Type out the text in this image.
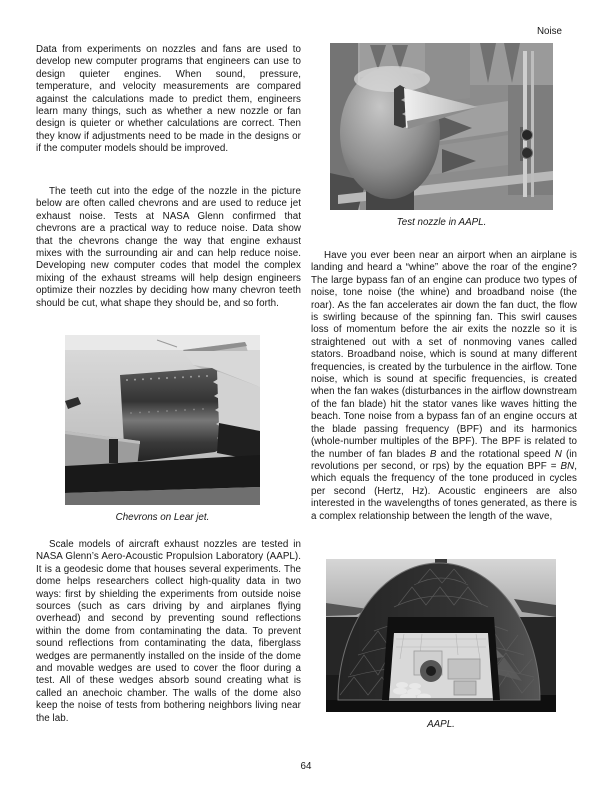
Noise

Data from experiments on nozzles and fans are used to develop new computer programs that engineers can use to design quieter engines. When sound, pressure, temperature, and velocity measurements are compared against the calculations made to predict them, engineers learn many things, such as whether a new nozzle or fan design is quieter or whether calculations are correct. Then they know if adjustments need to be made in the designs or if the computer models should be improved.

The teeth cut into the edge of the nozzle in the picture below are often called chevrons and are used to reduce jet exhaust noise. Tests at NASA Glenn confirmed that chevrons are a practical way to reduce noise. Data show that the chevrons change the way that engine exhaust mixes with the surrounding air and can help reduce noise. Developing new computer codes that model the complex mixing of the exhaust streams will help design engineers optimize their nozzles by deciding how many chevron teeth should be cut, what shape they should be, and so forth.

Chevrons on Lear jet.

Scale models of aircraft exhaust nozzles are tested in NASA Glenn’s Aero-Acoustic Propulsion Laboratory (AAPL). It is a geodesic dome that houses several experiments. The dome helps researchers collect high-quality data in two ways: first by shielding the experiments from outside noise sources (such as cars driving by and airplanes flying overhead) and second by preventing sound reflections within the dome from contaminating the data. To prevent sound reflections from contaminating the data, fiberglass wedges are permanently installed on the inside of the dome and movable wedges are used to cover the floor during a test. All of these wedges absorb sound creating what is called an anechoic chamber. The walls of the dome also keep the noise of tests from bothering neighbors living near the lab.

Test nozzle in AAPL.

Have you ever been near an airport when an airplane is landing and heard a “whine” above the roar of the engine? The large bypass fan of an engine can produce two types of noise, tone noise (the whine) and broadband noise (the roar). As the fan accelerates air down the fan duct, the flow is swirling because of the spinning fan. This swirl causes loss of momentum before the air exits the nozzle so it is straightened out with a set of nonmoving vanes called stators. Broadband noise, which is sound at many different frequencies, is created by the turbulence in the airflow. Tone noise, which is sound at specific frequencies, is created when the fan wakes (disturbances in the airflow downstream of the fan blade) hit the stator vanes like waves hitting the beach. Tone noise from a bypass fan of an engine occurs at the blade passing frequency (BPF) and its harmonics (whole-number multiples of the BPF). The BPF is related to the number of fan blades B and the rotational speed N (in revolutions per second, or rps) by the equation BPF = BN, which equals the frequency of the tone produced in cycles per second (Hertz, Hz). Acoustic engineers are also interested in the wavelengths of tones generated, as there is a complex relationship between the length of the wave,

AAPL.
64
